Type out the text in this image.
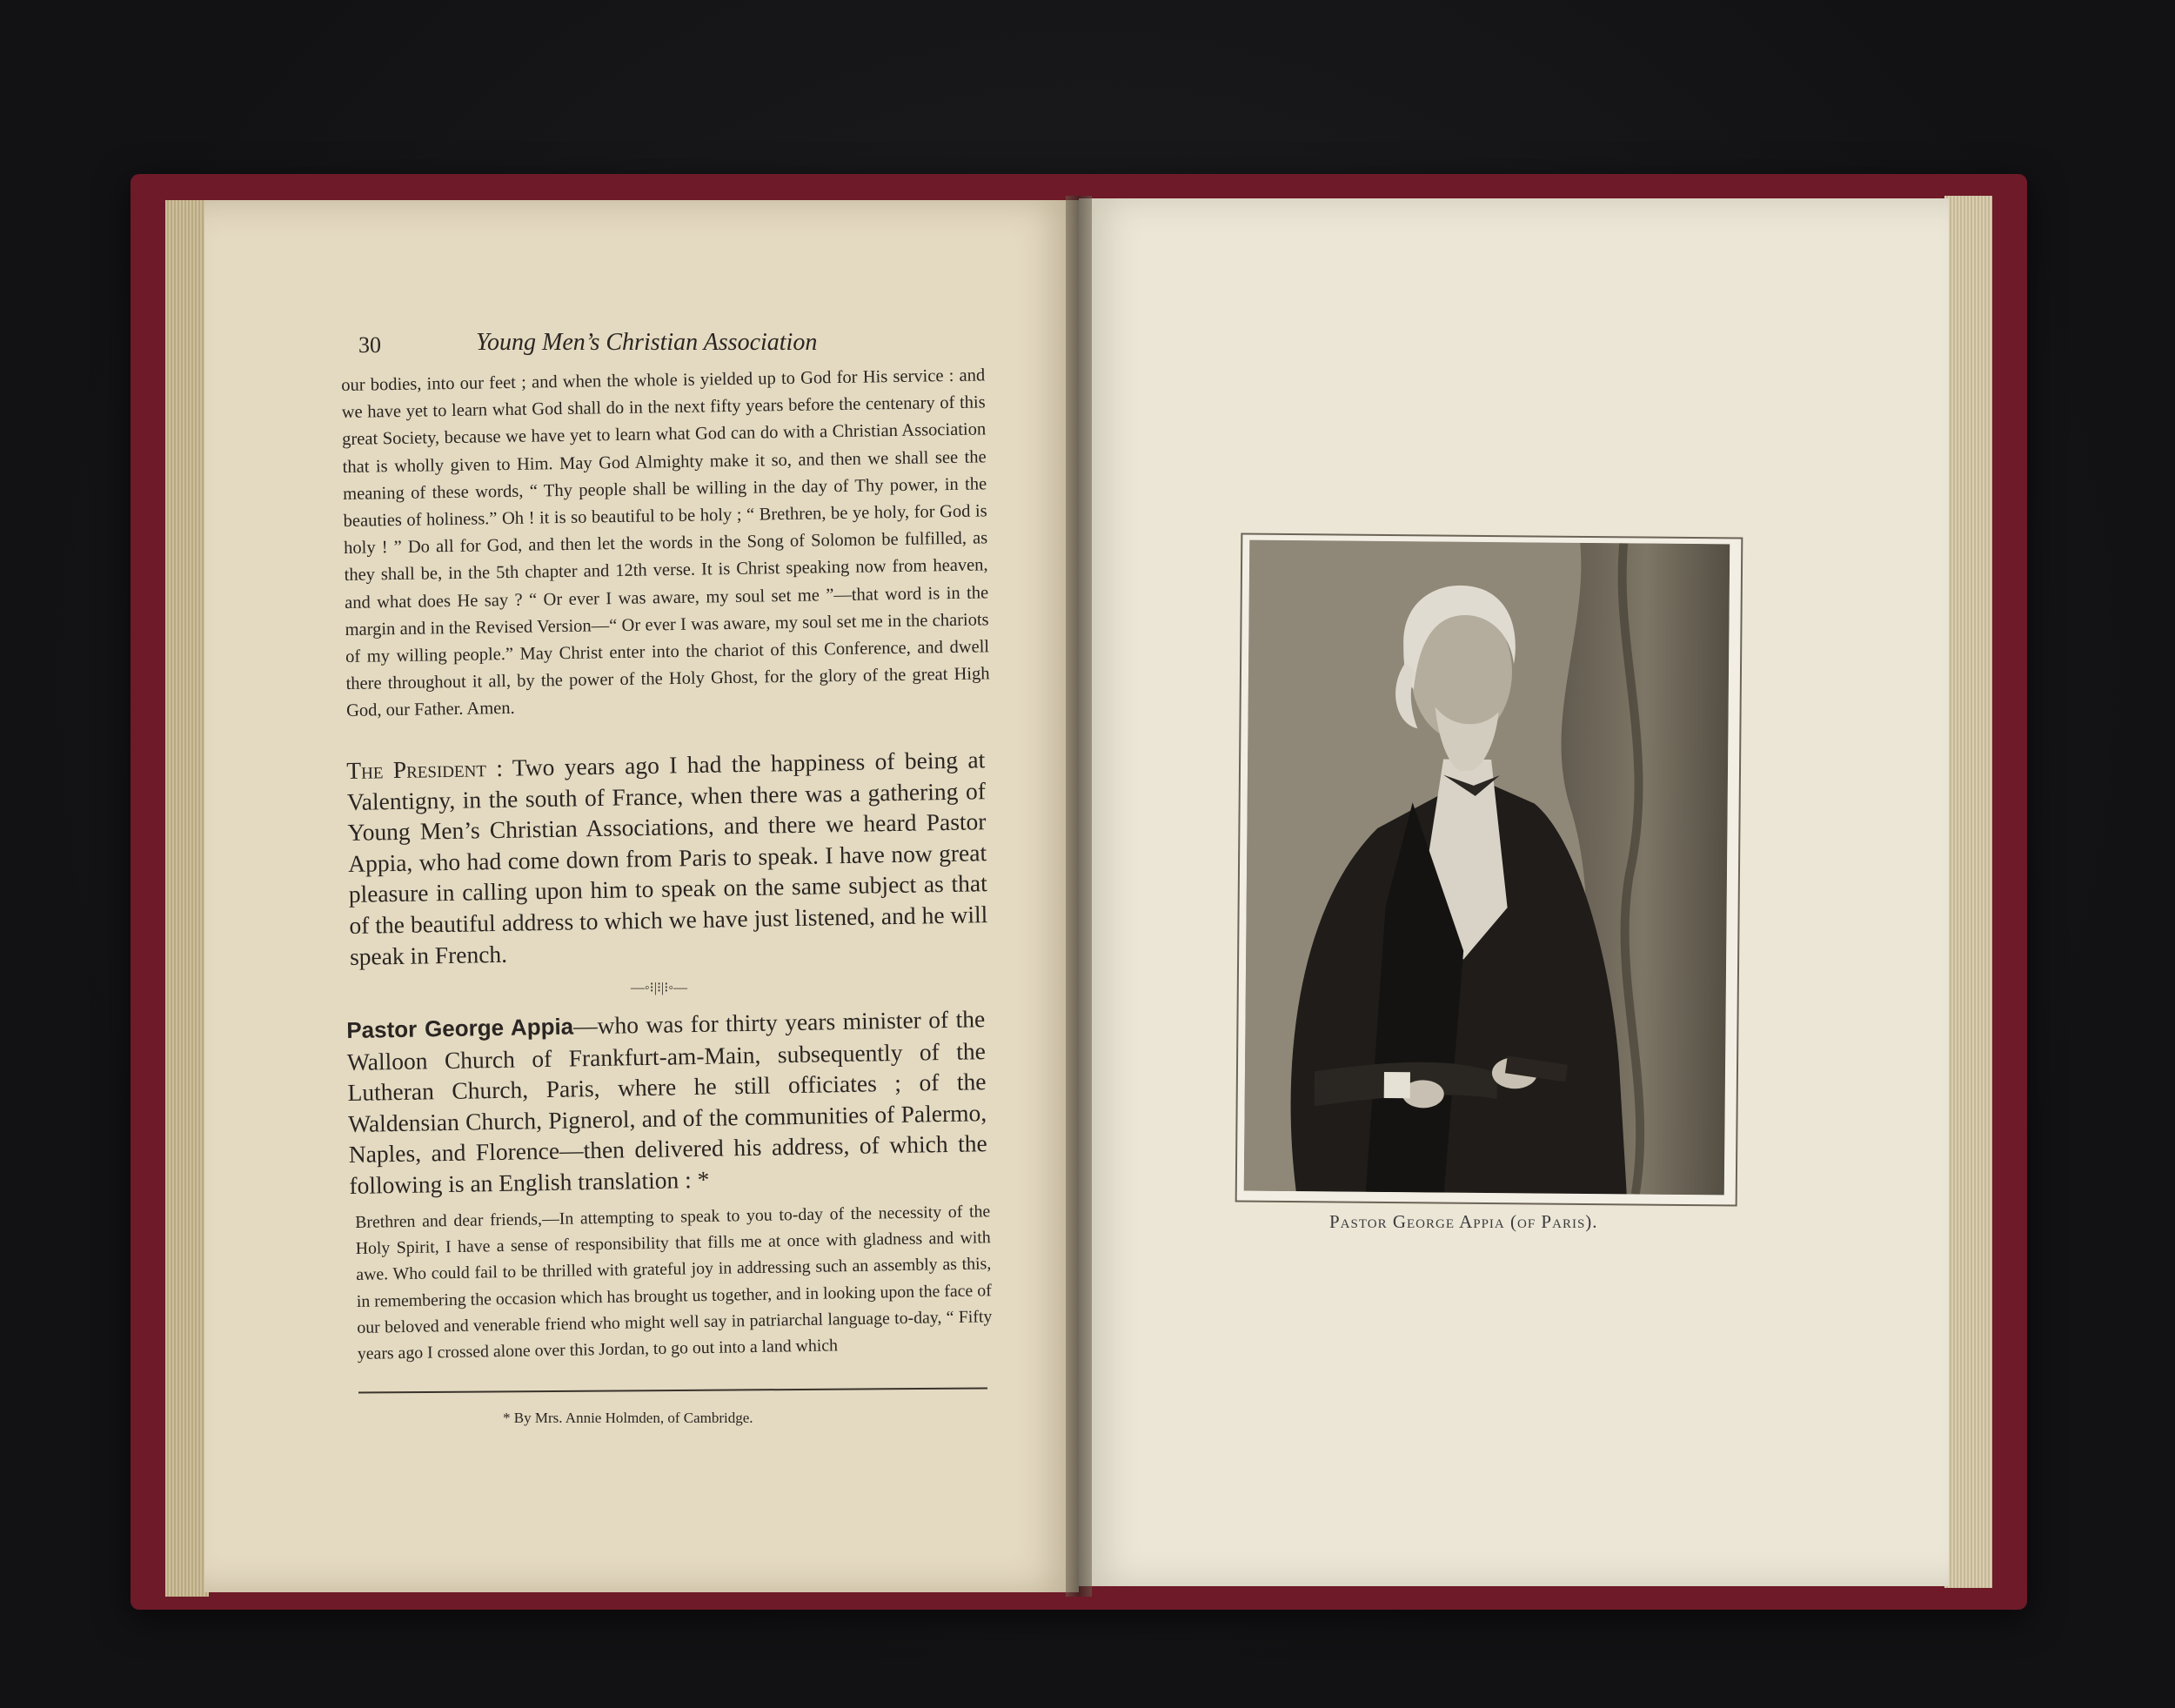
30	Young Men’s Christian Association
our bodies, into our feet ; and when the whole is yielded up to God for His service : and we have yet to learn what God shall do in the next fifty years before the centenary of this great Society, because we have yet to learn what God can do with a Christian Association that is wholly given to Him. May God Almighty make it so, and then we shall see the meaning of these words, “ Thy people shall be willing in the day of Thy power, in the beauties of holiness.” Oh ! it is so beautiful to be holy ; “ Brethren, be ye holy, for God is holy ! ” Do all for God, and then let the words in the Song of Solomon be fulfilled, as they shall be, in the 5th chapter and 12th verse. It is Christ speaking now from heaven, and what does He say ? “ Or ever I was aware, my soul set me ”—that word is in the margin and in the Revised Version—“ Or ever I was aware, my soul set me in the chariots of my willing people.” May Christ enter into the chariot of this Conference, and dwell there throughout it all, by the power of the Holy Ghost, for the glory of the great High God, our Father. Amen.
The President : Two years ago I had the happiness of being at Valentigny, in the south of France, when there was a gathering of Young Men’s Christian Associations, and there we heard Pastor Appia, who had come down from Paris to speak. I have now great pleasure in calling upon him to speak on the same subject as that of the beautiful address to which we have just listened, and he will speak in French.
—◦⁝|⁝|⁝◦—
Pastor George Appia—who was for thirty years minister of the Walloon Church of Frankfurt-am-Main, subsequently of the Lutheran Church, Paris, where he still officiates ; of the Waldensian Church, Pignerol, and of the communities of Palermo, Naples, and Florence—then delivered his address, of which the following is an English translation : *
Brethren and dear friends,—In attempting to speak to you to-day of the necessity of the Holy Spirit, I have a sense of responsibility that fills me at once with gladness and with awe. Who could fail to be thrilled with grateful joy in addressing such an assembly as this, in remembering the occasion which has brought us together, and in looking upon the face of our beloved and venerable friend who might well say in patriarchal language to-day, “ Fifty years ago I crossed alone over this Jordan, to go out into a land which
* By Mrs. Annie Holmden, of Cambridge.
Pastor George Appia (of Paris).
